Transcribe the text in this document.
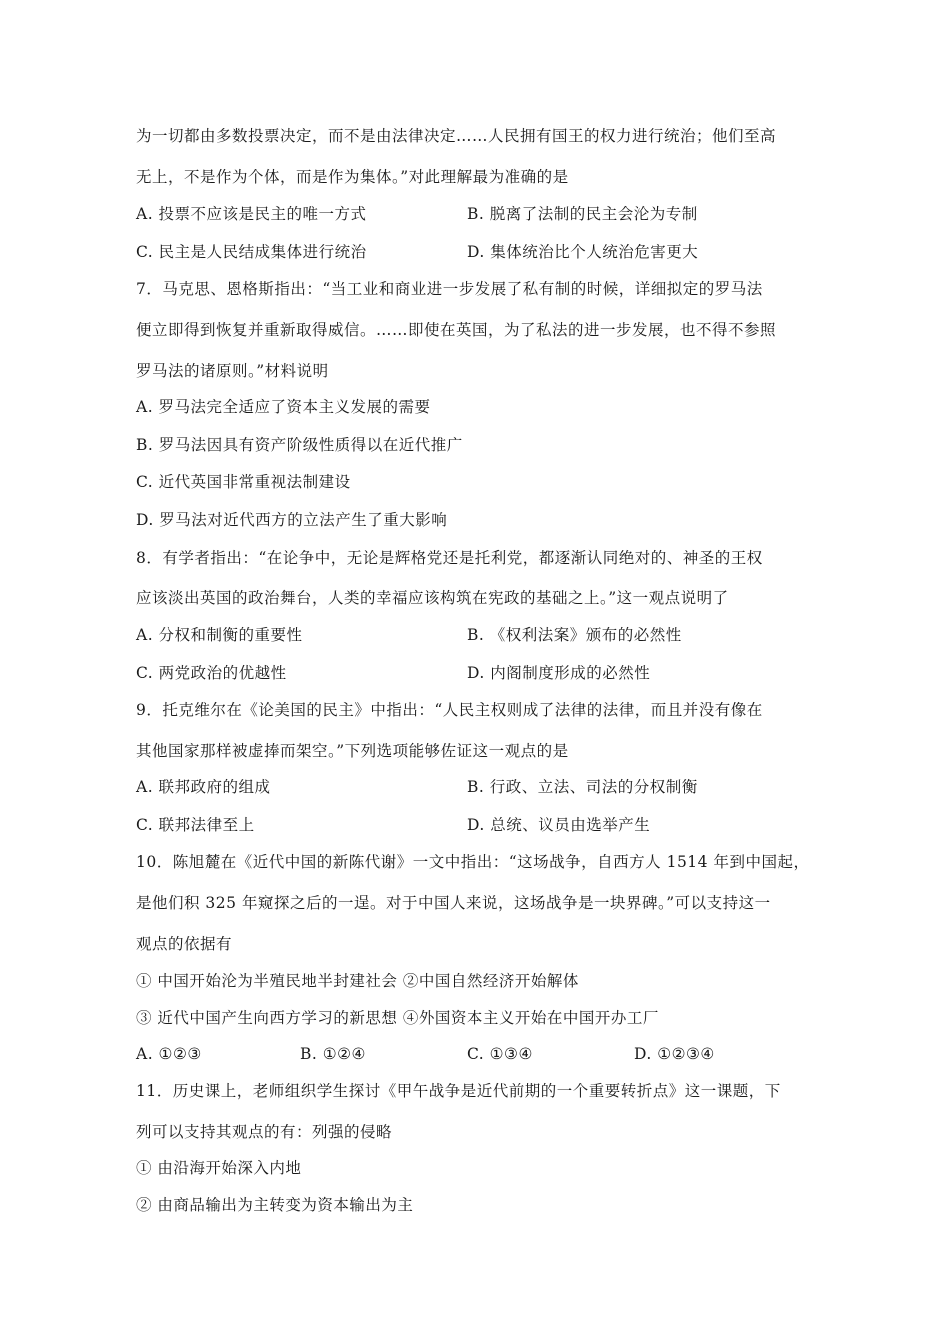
为一切都由多数投票决定，而不是由法律决定……人民拥有国王的权力进行统治；他们至高
无上，不是作为个体，而是作为集体。”对此理解最为准确的是
A. 投票不应该是民主的唯一方式	B. 脱离了法制的民主会沦为专制
C. 民主是人民结成集体进行统治	D. 集体统治比个人统治危害更大
7．马克思、恩格斯指出：“当工业和商业进一步发展了私有制的时候，详细拟定的罗马法
便立即得到恢复并重新取得威信。……即使在英国，为了私法的进一步发展，也不得不参照
罗马法的诸原则。”材料说明
A. 罗马法完全适应了资本主义发展的需要
B. 罗马法因具有资产阶级性质得以在近代推广
C. 近代英国非常重视法制建设
D. 罗马法对近代西方的立法产生了重大影响
8．有学者指出：“在论争中，无论是辉格党还是托利党，都逐渐认同绝对的、神圣的王权
应该淡出英国的政治舞台，人类的幸福应该构筑在宪政的基础之上。”这一观点说明了
A. 分权和制衡的重要性	B. 《权利法案》颁布的必然性
C. 两党政治的优越性	D. 内阁制度形成的必然性
9．托克维尔在《论美国的民主》中指出：“人民主权则成了法律的法律，而且并没有像在
其他国家那样被虚捧而架空。”下列选项能够佐证这一观点的是
A. 联邦政府的组成	B. 行政、立法、司法的分权制衡
C. 联邦法律至上	D. 总统、议员由选举产生
10．陈旭麓在《近代中国的新陈代谢》一文中指出：“这场战争，自西方人 1514 年到中国起，
是他们积 325 年窥探之后的一逞。对于中国人来说，这场战争是一块界碑。”可以支持这一
观点的依据有
① 中国开始沦为半殖民地半封建社会 ②中国自然经济开始解体
③ 近代中国产生向西方学习的新思想 ④外国资本主义开始在中国开办工厂
A. ①②③	B. ①②④	C. ①③④	D. ①②③④
11．历史课上，老师组织学生探讨《甲午战争是近代前期的一个重要转折点》这一课题，下
列可以支持其观点的有：列强的侵略
① 由沿海开始深入内地
② 由商品输出为主转变为资本输出为主
